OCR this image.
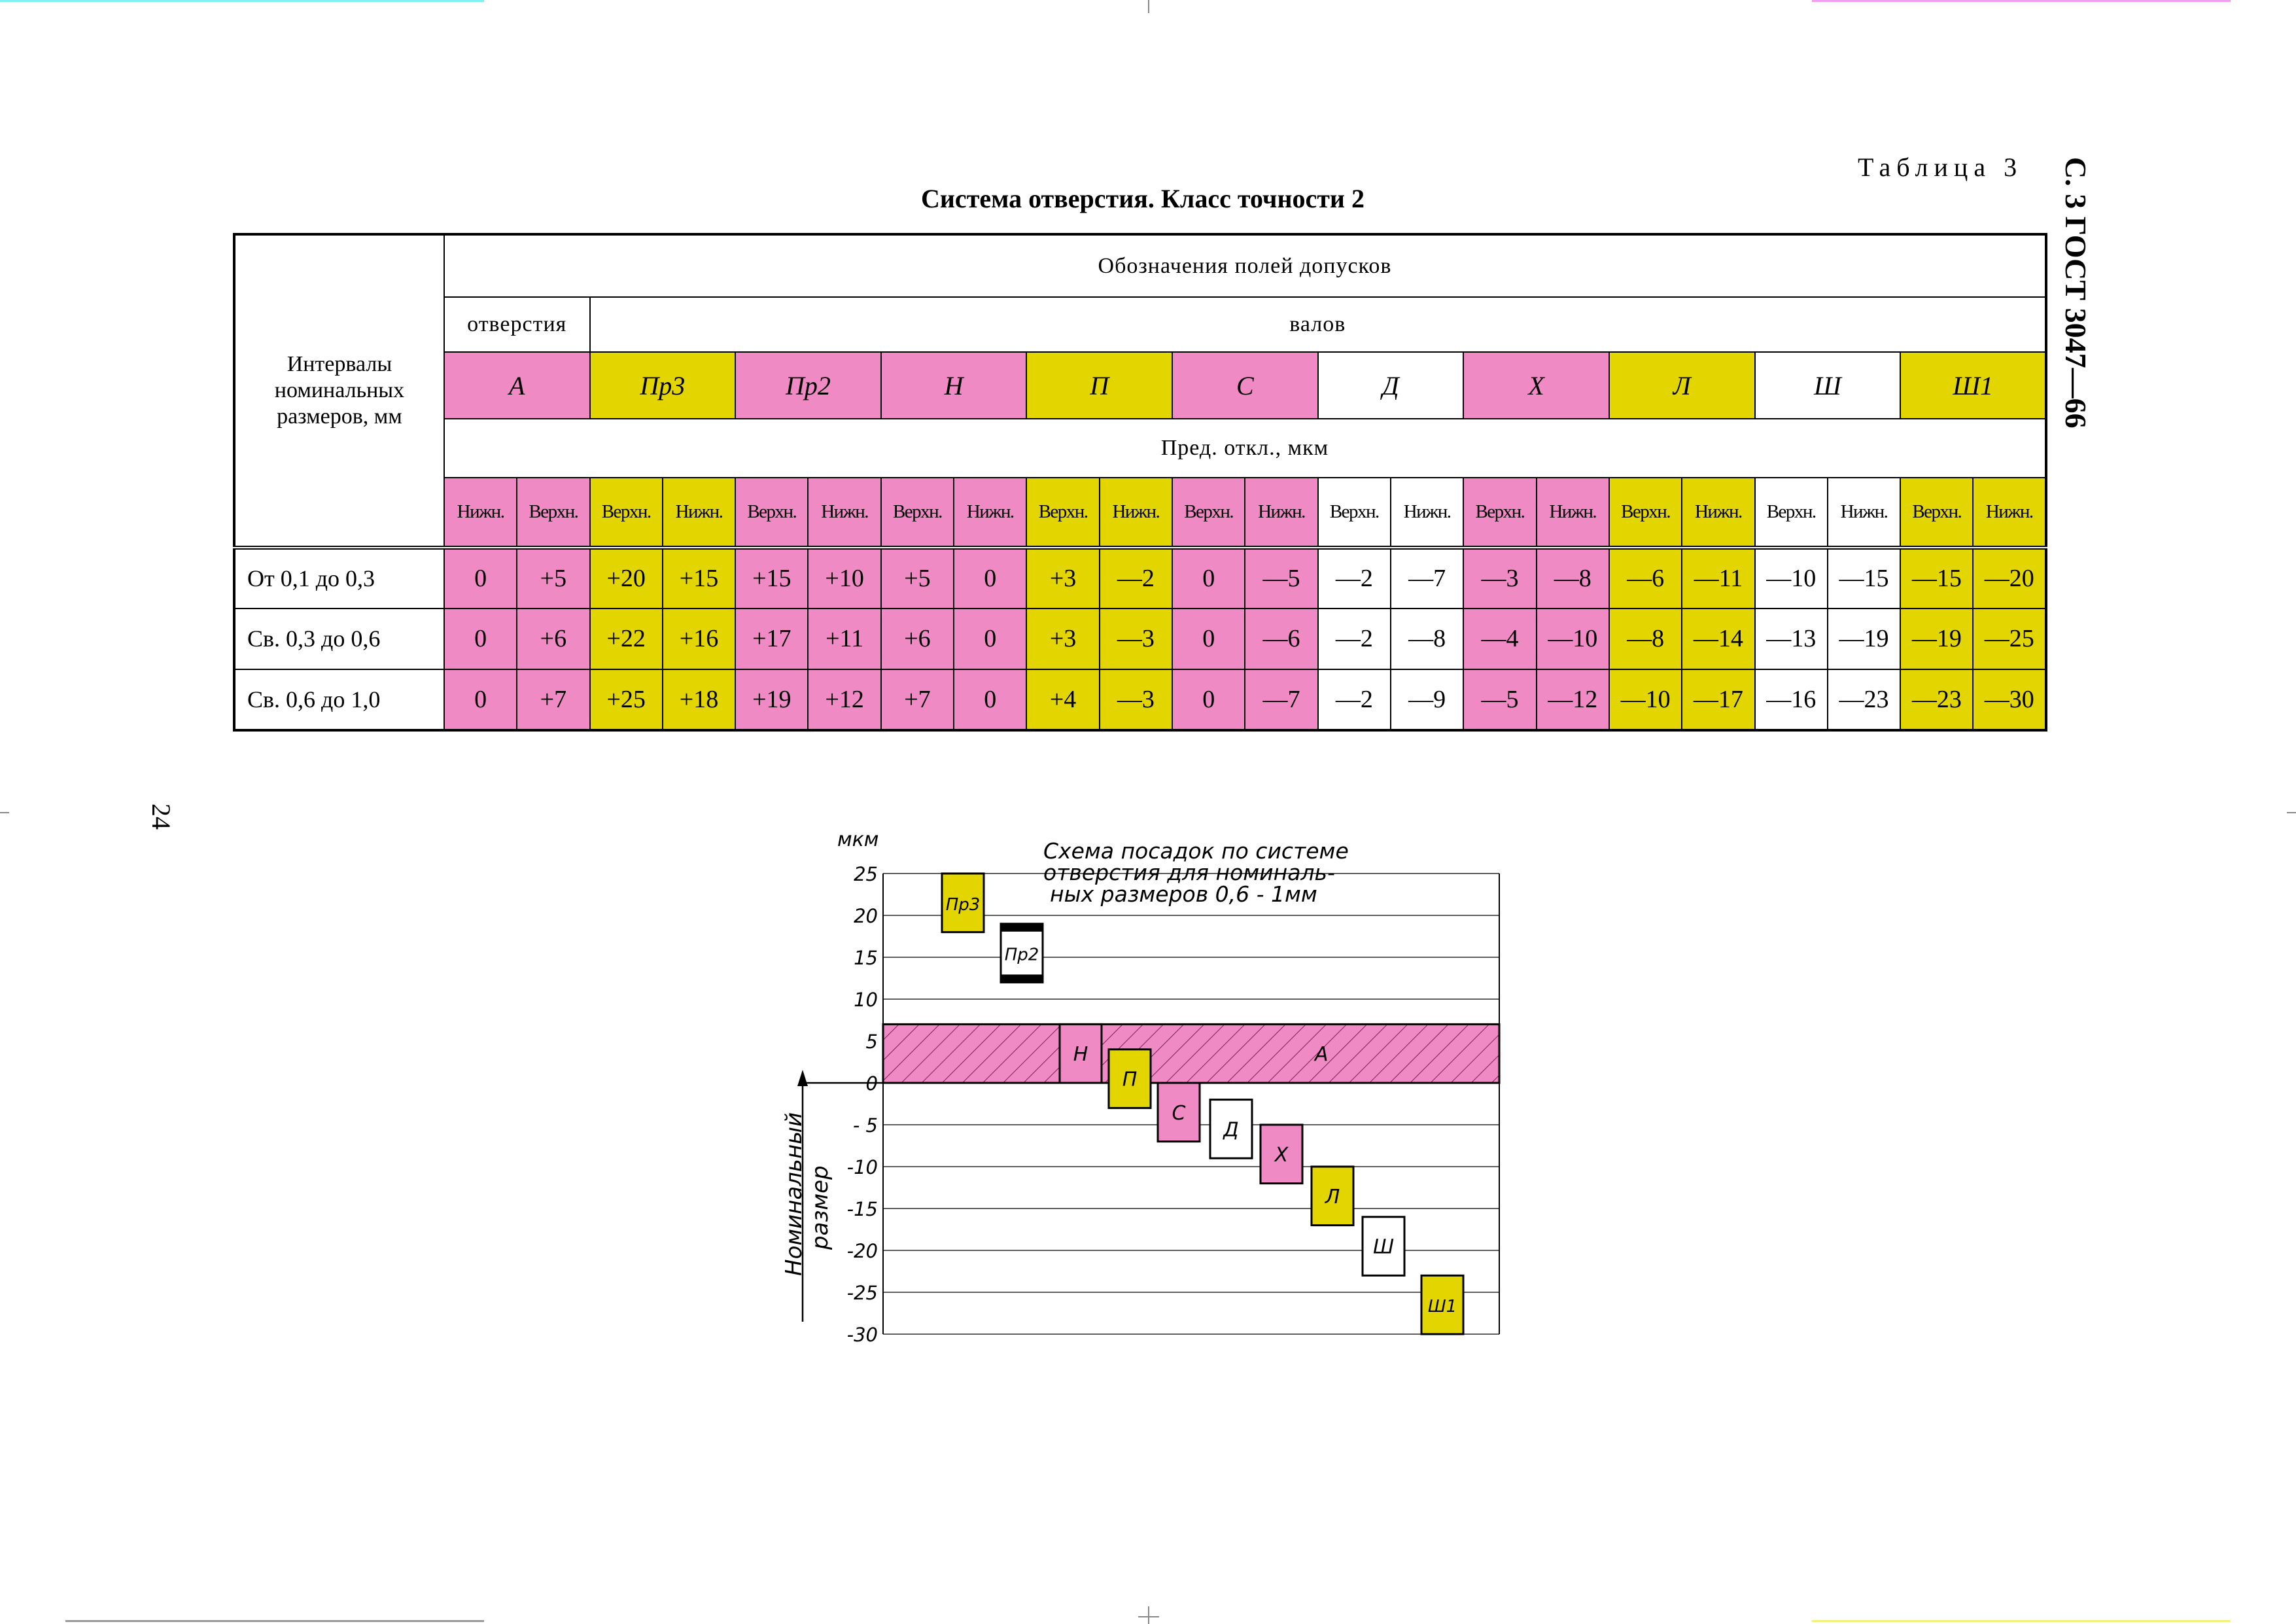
Таблица 3
Система отверстия. Класс точности 2	С. 3 ГОСТ 3047—66
24
Интервалы номинальных размеров, мм	Обозначения полей допусков																					
	отверстия		валов																			
	А		Пр3		Пр2		Н		П		С		Д		Х		Л		Ш		Ш1	
	Пред. откл., мкм																					
	Нижн.	Верхн.	Верхн.	Нижн.	Верхн.	Нижн.	Верхн.	Нижн.	Верхн.	Нижн.	Верхн.	Нижн.	Верхн.	Нижн.	Верхн.	Нижн.	Верхн.	Нижн.	Верхн.	Нижн.	Верхн.	Нижн.
От 0,1 до 0,3	0	+5	+20	+15	+15	+10	+5	0	+3	—2	0	—5	—2	—7	—3	—8	—6	—11	—10	—15	—15	—20
Св. 0,3 до 0,6	0	+6	+22	+16	+17	+11	+6	0	+3	—3	0	—6	—2	—8	—4	—10	—8	—14	—13	—19	—19	—25
Св. 0,6 до 1,0	0	+7	+25	+18	+19	+12	+7	0	+4	—3	0	—7	—2	—9	—5	—12	—10	—17	—16	—23	—23	—30
25
20
15
10
5
0
- 5
-10
-15
-20
-25
-30
А
Пр3
Пр2
Н
П
С
Д
Х
Л
Ш
Ш1
мкм	Схема посадок по системе
отверстия для номиналь-
ных размеров 0,6 - 1мм
Номинальный размер
